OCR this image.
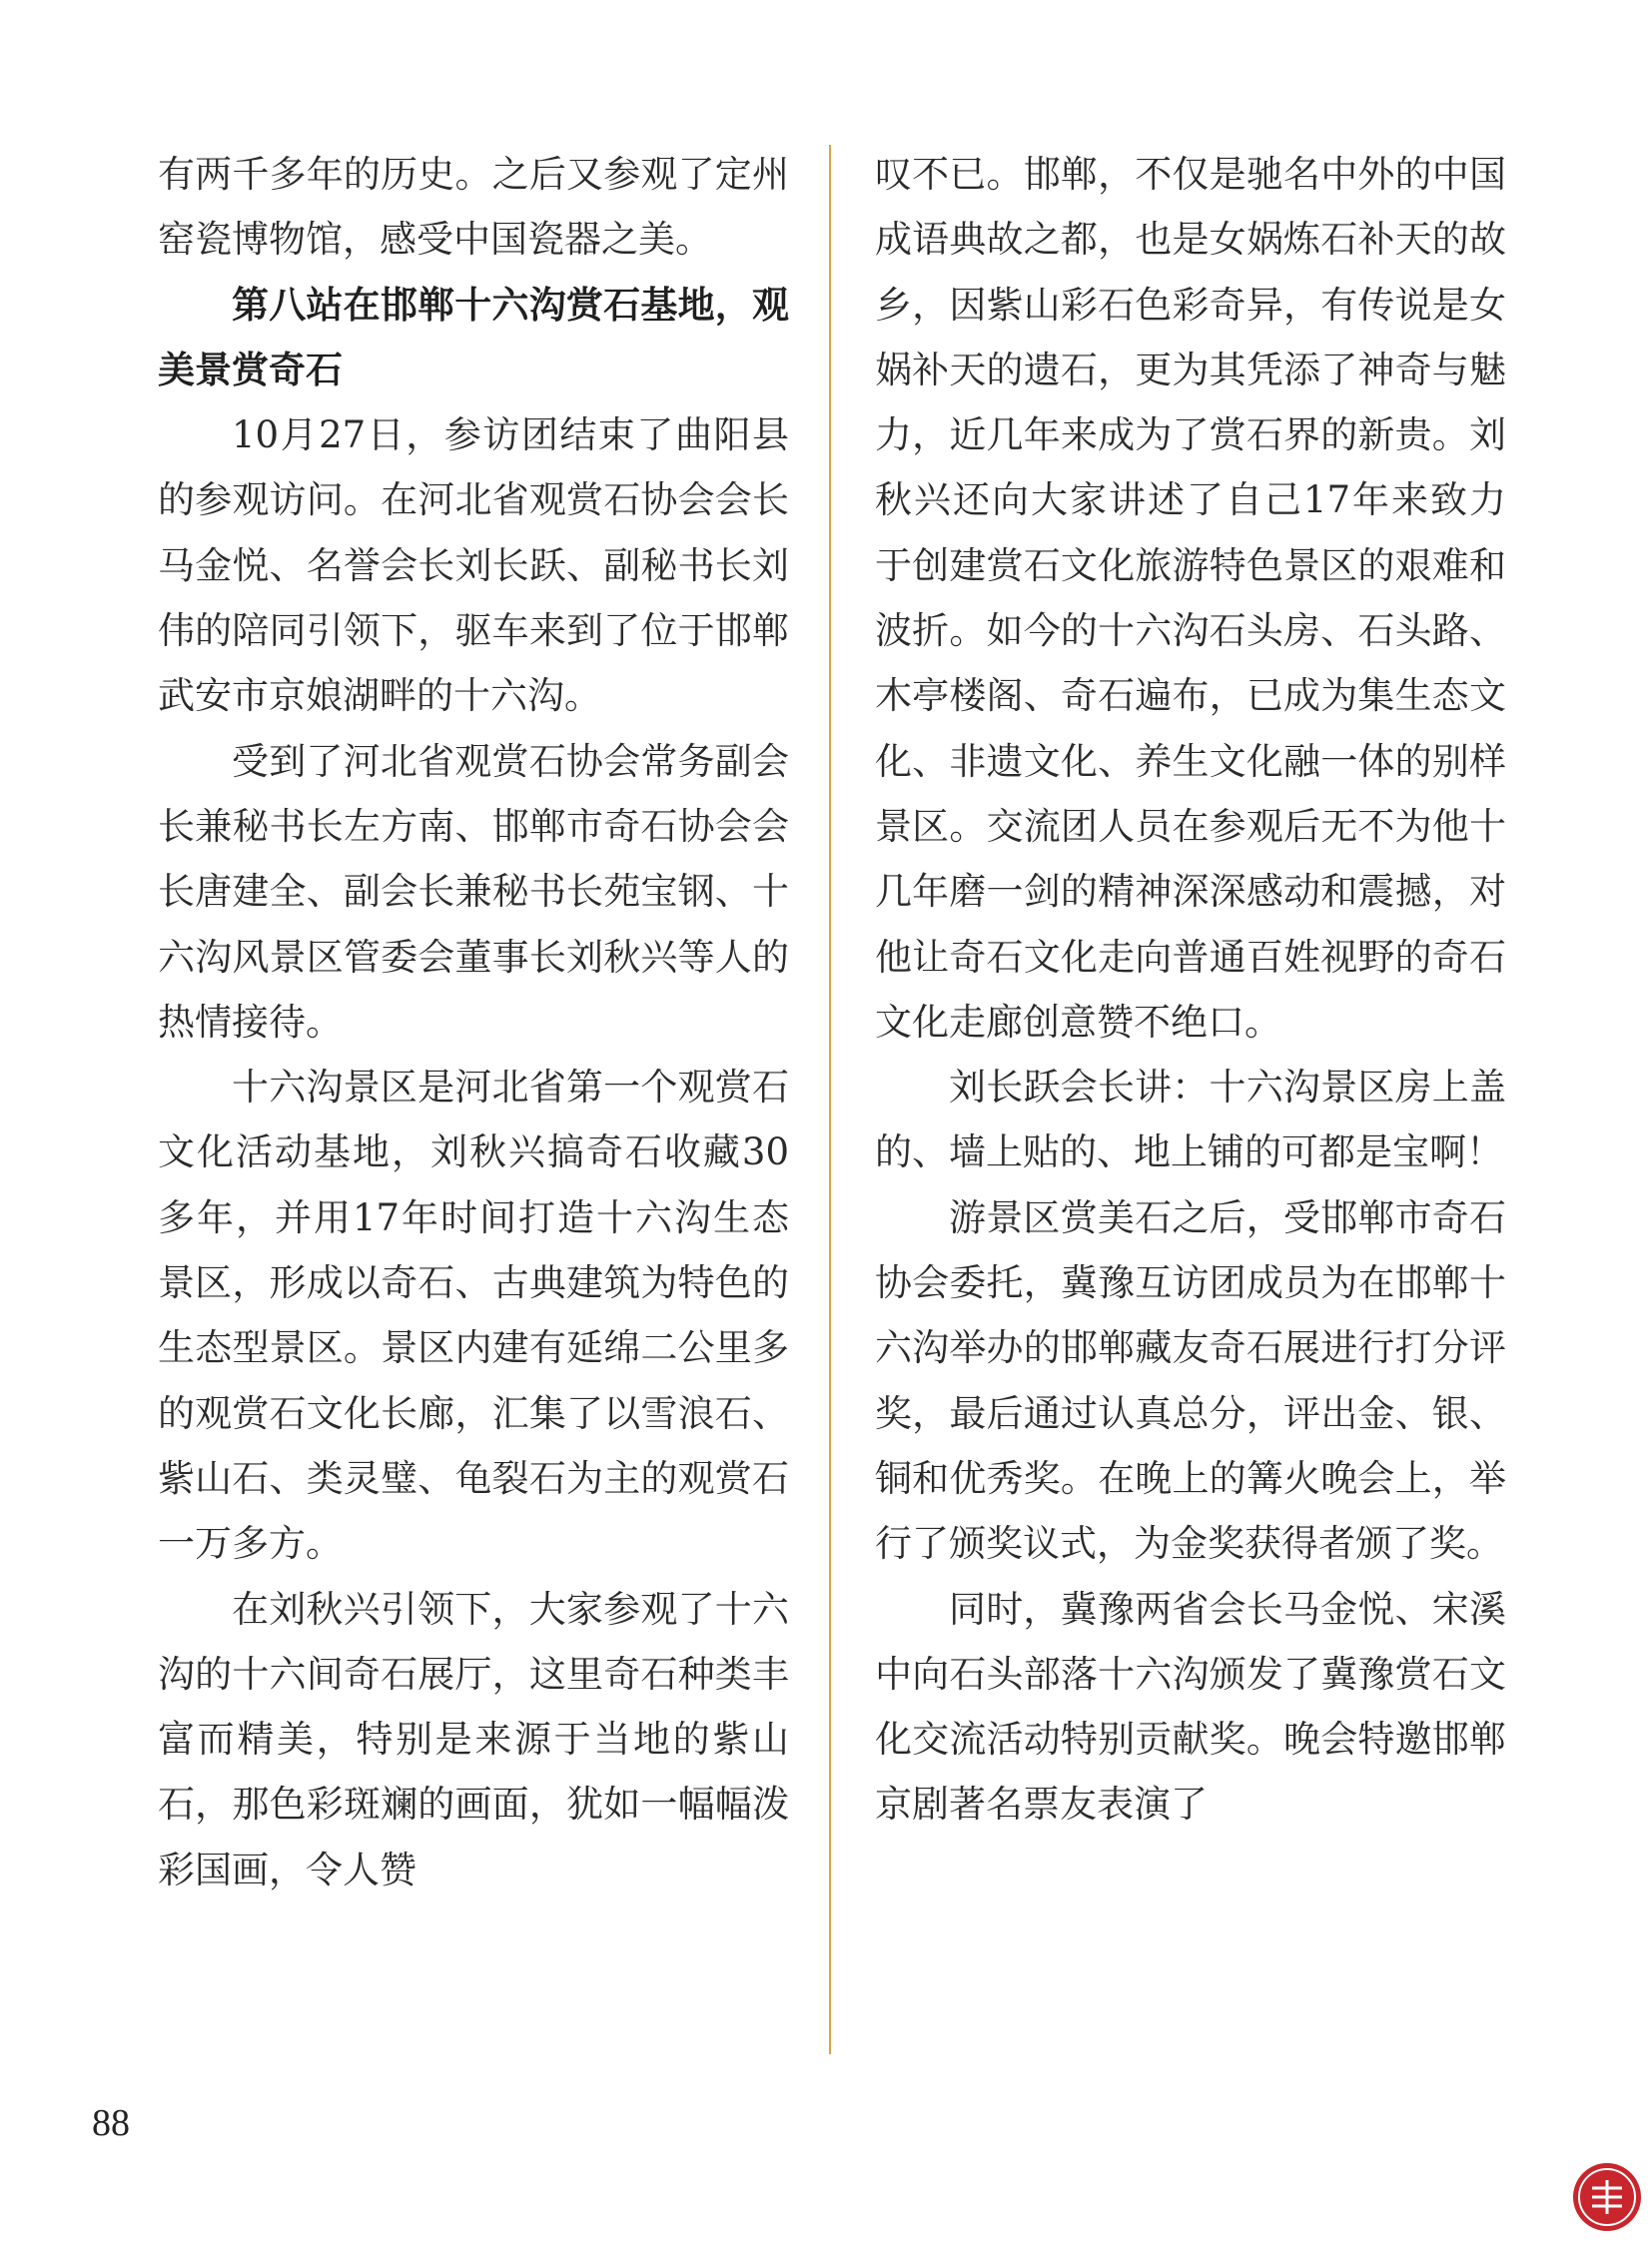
有两千多年的历史。之后又参观了定州窑瓷博物馆，感受中国瓷器之美。

第八站在邯郸十六沟赏石基地，观美景赏奇石

10月27日，参访团结束了曲阳县的参观访问。在河北省观赏石协会会长马金悦、名誉会长刘长跃、副秘书长刘伟的陪同引领下，驱车来到了位于邯郸武安市京娘湖畔的十六沟。

受到了河北省观赏石协会常务副会长兼秘书长左方南、邯郸市奇石协会会长唐建全、副会长兼秘书长苑宝钢、十六沟风景区管委会董事长刘秋兴等人的热情接待。

十六沟景区是河北省第一个观赏石文化活动基地，刘秋兴搞奇石收藏30多年，并用17年时间打造十六沟生态景区，形成以奇石、古典建筑为特色的生态型景区。景区内建有延绵二公里多的观赏石文化长廊，汇集了以雪浪石、紫山石、类灵璧、龟裂石为主的观赏石一万多方。

在刘秋兴引领下，大家参观了十六沟的十六间奇石展厅，这里奇石种类丰富而精美，特别是来源于当地的紫山石，那色彩斑斓的画面，犹如一幅幅泼彩国画，令人赞

叹不已。邯郸，不仅是驰名中外的中国成语典故之都，也是女娲炼石补天的故乡，因紫山彩石色彩奇异，有传说是女娲补天的遗石，更为其凭添了神奇与魅力，近几年来成为了赏石界的新贵。刘秋兴还向大家讲述了自己17年来致力于创建赏石文化旅游特色景区的艰难和波折。如今的十六沟石头房、石头路、木亭楼阁、奇石遍布，已成为集生态文化、非遗文化、养生文化融一体的别样景区。交流团人员在参观后无不为他十几年磨一剑的精神深深感动和震撼，对他让奇石文化走向普通百姓视野的奇石文化走廊创意赞不绝口。

刘长跃会长讲：十六沟景区房上盖的、墙上贴的、地上铺的可都是宝啊！

游景区赏美石之后，受邯郸市奇石协会委托，冀豫互访团成员为在邯郸十六沟举办的邯郸藏友奇石展进行打分评奖，最后通过认真总分，评出金、银、铜和优秀奖。在晚上的篝火晚会上，举行了颁奖议式，为金奖获得者颁了奖。

同时，冀豫两省会长马金悦、宋溪中向石头部落十六沟颁发了冀豫赏石文化交流活动特别贡献奖。晚会特邀邯郸京剧著名票友表演了

88
